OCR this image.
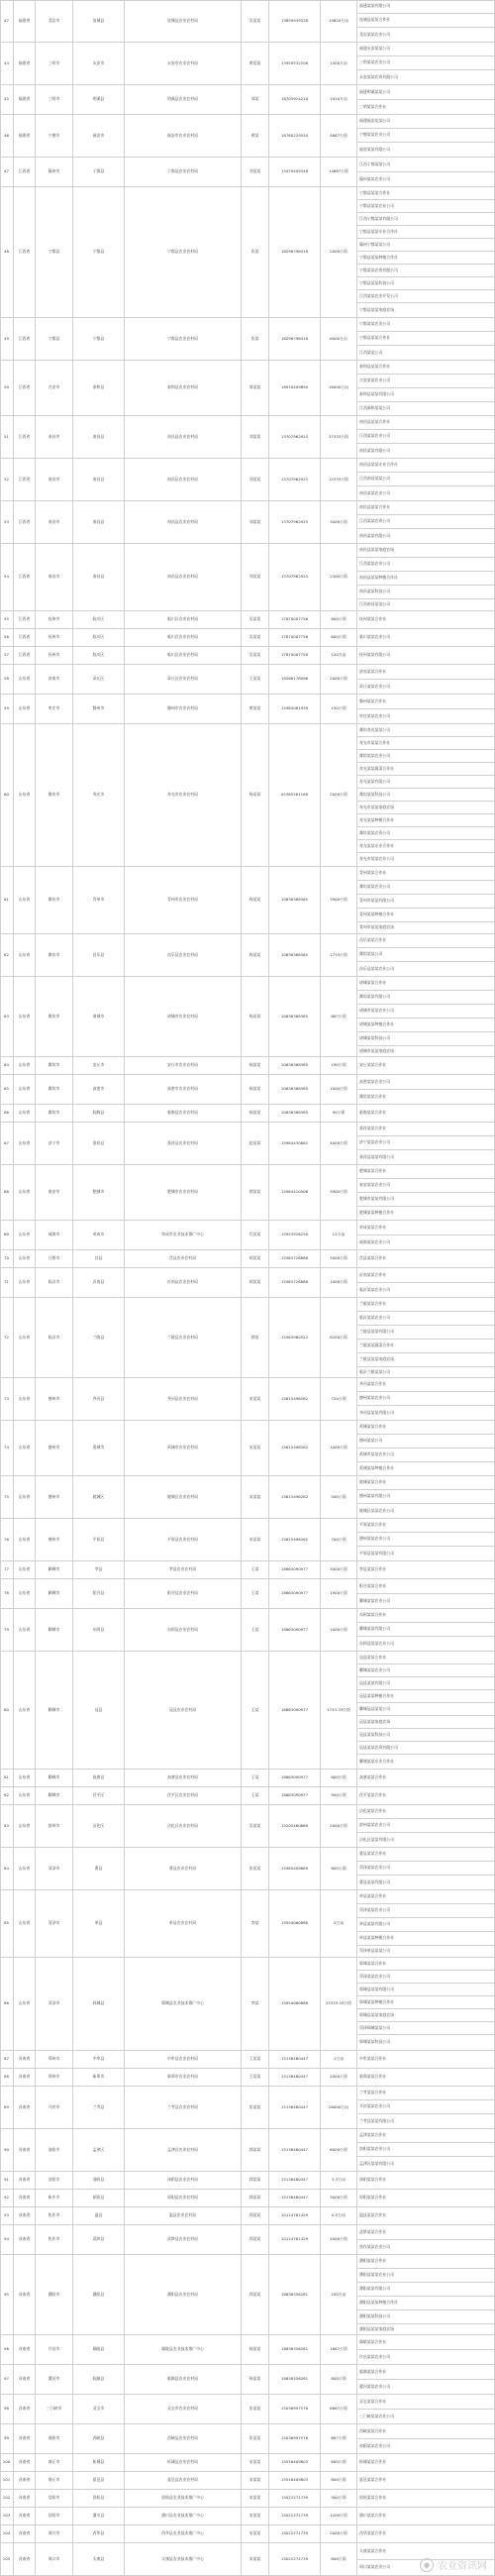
47	福建省	龙岩市	连城县	连城县农业农村局	吴某某	13859939328	19620万亩
福建某某有限公司
连城县某某合作社
龙岩某某农业公司
44	福建省	三明市	永安市	永安市农业农村局	黄某某	13959532208	1500万亩
福建永安某某公司
三明某某农业公司
永安某某农资有限公司
45	福建省	三明市	明溪县	明溪县农业农村局	邹某	18705924210	1010万亩
福建明溪某某公司
三明某某合作社
46	福建省	宁德市	福安市	福安市农业农村局	黄某	18760229550	4667公顷
福建福安某某公司
宁德某某农业公司
福安某某有限公司
47	江西省	赣州市	于都县	于都县农业农村局	刘某某	13479409348	14667公顷
江西于都某某公司
赣州某某农业公司
48	江西省	宁都县	宁都县	宁都县农业农村局	张某	18296796418	2000公顷
宁都县某某合作社
宁都县某某农业公司
江西宁都某某有限公司
宁都县某某专业合作社
赣州宁都某某公司
宁都县某某种植合作社
宁都某某农资有限公司
宁都县某某科技公司
江西某某农业开发公司
宁都县某某家庭农场
49	江西省	宁都县	宁都县	宁都县农业农村局	张某	18296796418	6000万亩
宁都某某农业公司
宁都县某某合作社
江西某某公司
50	江西省	吉安市	泰和县	泰和县农业农村局	周某某	18970409890	16000万亩
泰和县某某合作社
吉安某某农业公司
泰和县某某有限公司
江西泰和某某公司
51	江西省	南昌市	南昌县	南昌县农业农村局	刘某某	13707962925	37333公顷
南昌县某某合作社
江西某某农业公司
南昌某某有限公司
52	江西省	南昌市	南昌县	南昌县农业农村局	刘某某	13707962925	12333公顷
南昌县某某专业合作社
江西南昌某某公司
南昌某某农业公司
53	江西省	南昌市	南昌县	南昌县农业农村局	刘某某	13707962925	3000公顷
南昌县某某合作社
江西某某农资公司
南昌某某有限公司
54	江西省	南昌市	南昌县	南昌县农业农村局	刘某某	13707962925	2300公顷
南昌县某某家庭农场
江西某某农业公司
南昌县某某种植合作社
南昌某某科技公司
江西南昌某某公司
55	江西省	抚州市	临川区	临川区农业农村局	吴某某	17870007756	800公顷	抚州某某合作社
56	江西省	抚州市	临川区	临川区农业农村局	吴某某	17870007756	600公顷	临川某某农业公司
57	江西省	抚州市	临川区	临川区农业农村局	吴某某	17870007756	120万亩	抚州某某有限公司
58	山东省	济南市	章丘区	章丘区农业农村局	王某某	18266178096	2000公顷
济南某某合作社
章丘某某农业公司
59	山东省	枣庄市	滕州市	滕州市农业农村局	黄某某	15963081939	150公顷
滕州某某合作社
枣庄某某农业公司
60	山东省	潍坊市	寿光市	寿光市农业农村局	杨某某	05365261168	2000公顷
潍坊寿光某某公司
寿光市某某合作社
潍坊某某农业公司
寿光某某蔬菜合作社
寿光某某有限公司
潍坊某某科技公司
寿光市某某家庭农场
寿光某某种植合作社
潍坊某某农资公司
寿光某某专业合作社
寿光市某某农业公司
61	山东省	潍坊市	青州市	青州市农业农村局	杨某某	10636368365	3900公顷
青州某某合作社
潍坊某某农业公司
青州市某某有限公司
青州某某种植合作社
青州市某某家庭农场
62	山东省	潍坊市	昌乐县	昌乐县农业农村局	杨某某	10636368365	1733公顷
昌乐某某合作社
潍坊某某公司
昌乐县某某农业公司
63	山东省	潍坊市	诸城市	诸城市农业农村局	杨某某	10636368365	667公顷
诸城某某合作社
潍坊某某有限公司
诸城市某某农业公司
诸城某某种植合作社
诸城某某科技公司
诸城市某某家庭农场
64	山东省	潍坊市	安丘市	安丘市农业农村局	杨某某	10636368365	190公顷	安丘某某合作社
65	山东省	潍坊市	高密市	高密市农业农村局	杨某某	10636368365	1000公顷
高密某某农业公司
潍坊某某合作社
66	山东省	潍坊市	临朐县	临朐县农业农村局	杨某某	10636368365	90公顷	临朐某某合作社
67	山东省	济宁市	嘉祥县	嘉祥县农业农村局	赵某某	15964430862	4000公顷
嘉祥某某合作社
济宁某某农业公司
嘉祥县某某有限公司
68	山东省	泰安市	肥城市	肥城市农业农村局	徐某某	15964410506	3900公顷
肥城某某合作社
泰安某某农业公司
肥城市某某有限公司
肥城某某种植合作社
69	山东省	威海市	荣成市	荣成市农业技术推广中心	代某某	15953926250	12万亩
荣成某某合作社
威海某某农业公司
70	山东省	日照市	莒县	莒县农业农村局	胡某某	15563726888	3000公顷	莒县某某合作社
71	山东省	临沂市	沂南县	沂南县农业农村局	胡某某	15563726888	1000公顷
沂南某某合作社
临沂某某农业公司
72	山东省	临沂市	兰陵县	兰陵县农业农村局	徐某	15963960522	8200公顷
兰陵某某合作社
临沂某某农业公司
兰陵县某某有限公司
兰陵某某蔬菜合作社
兰陵县某某家庭农场
临沂兰陵某某公司
73	山东省	德州市	齐河县	齐河县农业农村局	宋某某	15615496262	720公顷
齐河某某合作社
德州某某农业公司
齐河县某某有限公司
74	山东省	德州市	禹城市	禹城市农业农村局	宋某某	15615496262	1000公顷
禹城某某合作社
德州某某公司
禹城市某某农业公司
禹城某某种植合作社
75	山东省	德州市	陵城区	陵城区农业农村局	宋某某	15615496262	500公顷
陵城某某合作社
德州某某有限公司
陵城区某某农业公司
76	山东省	德州市	平原县	平原县农业农村局	宋某某	15615496262	700公顷
平原某某合作社
德州某某农业公司
平原县某某有限公司
77	山东省	聊城市	莘县	莘县农业农村局	王某	18663090977	3000公顷	莘县某某合作社
78	山东省	聊城市	阳谷县	阳谷县农业农村局	王某	18663090977	1900公顷
阳谷某某合作社
聊城某某农业公司
79	山东省	聊城市	东阿县	东阿县农业农村局	王某	18663090977	1000公顷
东阿某某合作社
聊城某某有限公司
东阿县某某农业公司
80	山东省	聊城市	冠县	冠县农业农村局	王某	18663090977	1733.33公顷
冠县某某合作社
聊城某某农业公司
冠县某某有限公司
冠县某某种植合作社
聊城冠县某某公司
冠县某某家庭农场
冠县某某科技公司
冠县某某农资有限公司
聊城某某专业合作社
81	山东省	聊城市	高唐县	高唐县农业农村局	王某	18663090977	600公顷	高唐某某合作社
82	山东省	聊城市	茌平区	茌平区农业农村局	王某	18663090977	900公顷	茌平某某合作社
83	山东省	滨州市	沾化区	沾化区农业农村局	吴某某	15205460869	2000公顷
沾化某某合作社
滨州某某农业公司
沾化区某某有限公司
84	山东省	菏泽市	曹县	曹县农业农村局	张某某	15965409689	800公顷
曹县某某合作社
菏泽某某农业公司
曹县某某有限公司
85	山东省	菏泽市	单县	单县农业农村局	李某	15954060888	4万亩
单县某某合作社
菏泽某某农业公司
单县某某有限公司
单县某某种植合作社
菏泽单县某某公司
86	山东省	菏泽市	郓城县	郓城县农业技术推广中心	李某	15954060888	23333.33公顷
郓城某某合作社
菏泽某某农业公司
郓城县某某有限公司
郓城某某种植合作社
郓城县某某家庭农场
菏泽郓城某某公司
郓城某某科技公司
87	河南省	郑州市	中牟县	中牟县农业农村局	王某某	15136480447	1万亩	中牟某某合作社
88	河南省	郑州市	新郑市	新郑市农业农村局	王某某	15136480447	2000公顷	新郑某某合作社
89	河南省	开封市	兰考县	兰考县农业农村局	张某某	15136480447	26000万亩
兰考某某合作社
开封某某农业公司
兰考县某某有限公司
90	河南省	洛阳市	孟津区	孟津区农业农村局	郭某某	15136480447	6000公顷
孟津某某合作社
洛阳某某农业公司
孟津区某某有限公司
91	河南省	安阳市	汤阴县	汤阴县农业农村局	郭某某	15136480447	3.3万亩	汤阴某某合作社
92	河南省	新乡市	原阳县	原阳县农业农村局	郭某某	15136480447	3000公顷	原阳某某合作社
93	河南省	焦作市	温县	温县农业农村局	郭某某	10114761429	0.5万亩	温县某某合作社
94	河南省	焦作市	武陟县	武陟县农业农村局	郭某某	10114761429	4000公顷
武陟某某合作社
焦作某某农业公司
95	河南省	濮阳市	濮阳县	濮阳县农业农村局	郭某某	18638356281	100万亩
濮阳某某合作社
濮阳县某某农业公司
濮阳某某有限公司
濮阳县某某种植合作社
濮阳某某科技公司
濮阳县某某家庭农场
96	河南省	许昌市	鄢陵县	鄢陵县农业技术推广中心	杨某某	18638356281	1667公顷
鄢陵某某合作社
许昌某某农业公司
97	河南省	漯河市	临颍县	临颍县农业农村局	杨某某	18638356281	800公顷
临颍某某合作社
漯河某某农业公司
98	河南省	三门峡市	灵宝市	灵宝市农业农村局	张某某	15036997576	6667公顷
灵宝某某合作社
三门峡某某农业公司
99	河南省	南阳市	西峡县	西峡县农业农村局	张某某	15036997576	667公顷
西峡某某合作社
南阳某某农业公司
100	河南省	商丘市	柘城县	柘城县农业农村局	宋某某	15516409803	600公顷	柘城某某合作社
101	河南省	商丘市	夏邑县	夏邑县农业农村局	宋某某	15516409803	800公顷	夏邑某某合作社
102	河南省	信阳市	固始县	固始县农业技术推广中心	宋某某	15022271739	900公顷	固始某某合作社
103	河南省	信阳市	潢川县	潢川县农业技术推广中心	宋某某	15022271739	1200公顷	潢川某某合作社
104	河南省	周口市	西华县	西华县农业技术推广中心	宋某某	15022271739	2000公顷	西华某某合作社
105	河南省	周口市	太康县	太康县农业技术推广中心	宋某某	15022271739	800公顷
太康某某合作社
周口某某农业公司	● 农业资讯网
